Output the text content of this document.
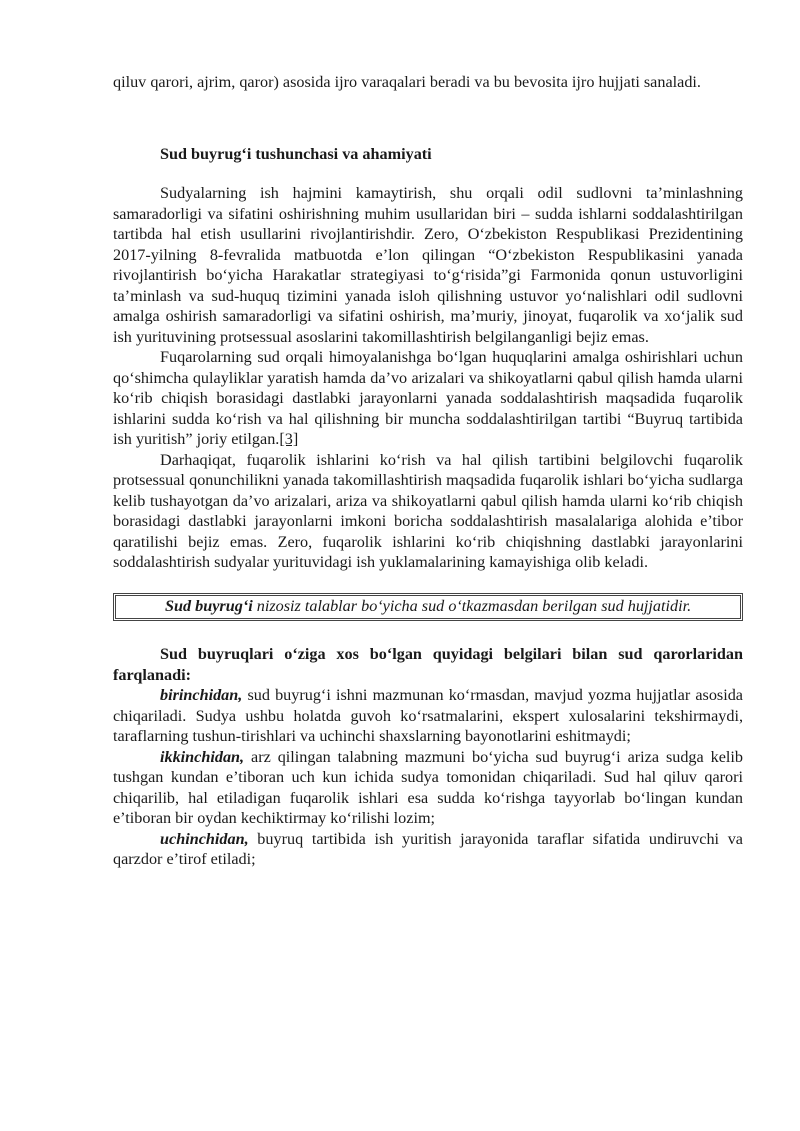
qiluv qarori, ajrim, qaror) asosida ijro varaqalari beradi va bu bevosita ijro hujjati sanaladi.

Sud buyrug‘i tushunchasi va ahamiyati

Sudyalarning ish hajmini kamaytirish, shu orqali odil sudlovni ta’minlashning samaradorligi va sifatini oshirishning muhim usullaridan biri – sudda ishlarni soddalashtirilgan tartibda hal etish usullarini rivojlantirishdir. Zero, O‘zbekiston Respublikasi Prezidentining 2017-yilning 8-fevralida matbuotda e’lon qilingan “O‘zbekiston Respublikasini yanada rivojlantirish bo‘yicha Harakatlar strategiyasi to‘g‘risida”gi Farmonida qonun ustuvorligini ta’minlash va sud-huquq tizimini yanada isloh qilishning ustuvor yo‘nalishlari odil sudlovni amalga oshirish samaradorligi va sifatini oshirish, ma’muriy, jinoyat, fuqarolik va xo‘jalik sud ish yurituvining protsessual asoslarini takomillashtirish belgilanganligi bejiz emas.

Fuqarolarning sud orqali himoyalanishga bo‘lgan huquqlarini amalga oshirishlari uchun qo‘shimcha qulayliklar yaratish hamda da’vo arizalari va shikoyatlarni qabul qilish hamda ularni ko‘rib chiqish borasidagi dastlabki jarayonlarni yanada soddalashtirish maqsadida fuqarolik ishlarini sudda ko‘rish va hal qilishning bir muncha soddalashtirilgan tartibi “Buyruq tartibida ish yuritish” joriy etilgan.[3]

Darhaqiqat, fuqarolik ishlarini ko‘rish va hal qilish tartibini belgilovchi fuqarolik protsessual qonunchilikni yanada takomillashtirish maqsadida fuqarolik ishlari bo‘yicha sudlarga kelib tushayotgan da’vo arizalari, ariza va shikoyatlarni qabul qilish hamda ularni ko‘rib chiqish borasidagi dastlabki jarayonlarni imkoni boricha soddalashtirish masalalariga alohida e’tibor qaratilishi bejiz emas. Zero, fuqarolik ishlarini ko‘rib chiqishning dastlabki jarayonlarini soddalashtirish sudyalar yurituvidagi ish yuklamalarining kamayishiga olib keladi.

Sud buyrug‘i nizosiz talablar bo‘yicha sud o‘tkazmasdan berilgan sud hujjatidir.

Sud buyruqlari o‘ziga xos bo‘lgan quyidagi belgilari bilan sud qarorlaridan farqlanadi:

birinchidan, sud buyrug‘i ishni mazmunan ko‘rmasdan, mavjud yozma hujjatlar asosida chiqariladi. Sudya ushbu holatda guvoh ko‘rsatmalarini, ekspert xulosalarini tekshirmaydi, taraflarning tushun-tirishlari va uchinchi shaxslarning bayonotlarini eshitmaydi;

ikkinchidan, arz qilingan talabning mazmuni bo‘yicha sud buyrug‘i ariza sudga kelib tushgan kundan e’tiboran uch kun ichida sudya tomonidan chiqariladi. Sud hal qiluv qarori chiqarilib, hal etiladigan fuqarolik ishlari esa sudda ko‘rishga tayyorlab bo‘lingan kundan e’tiboran bir oydan kechiktirmay ko‘rilishi lozim;

uchinchidan, buyruq tartibida ish yuritish jarayonida taraflar sifatida undiruvchi va qarzdor e’tirof etiladi;
